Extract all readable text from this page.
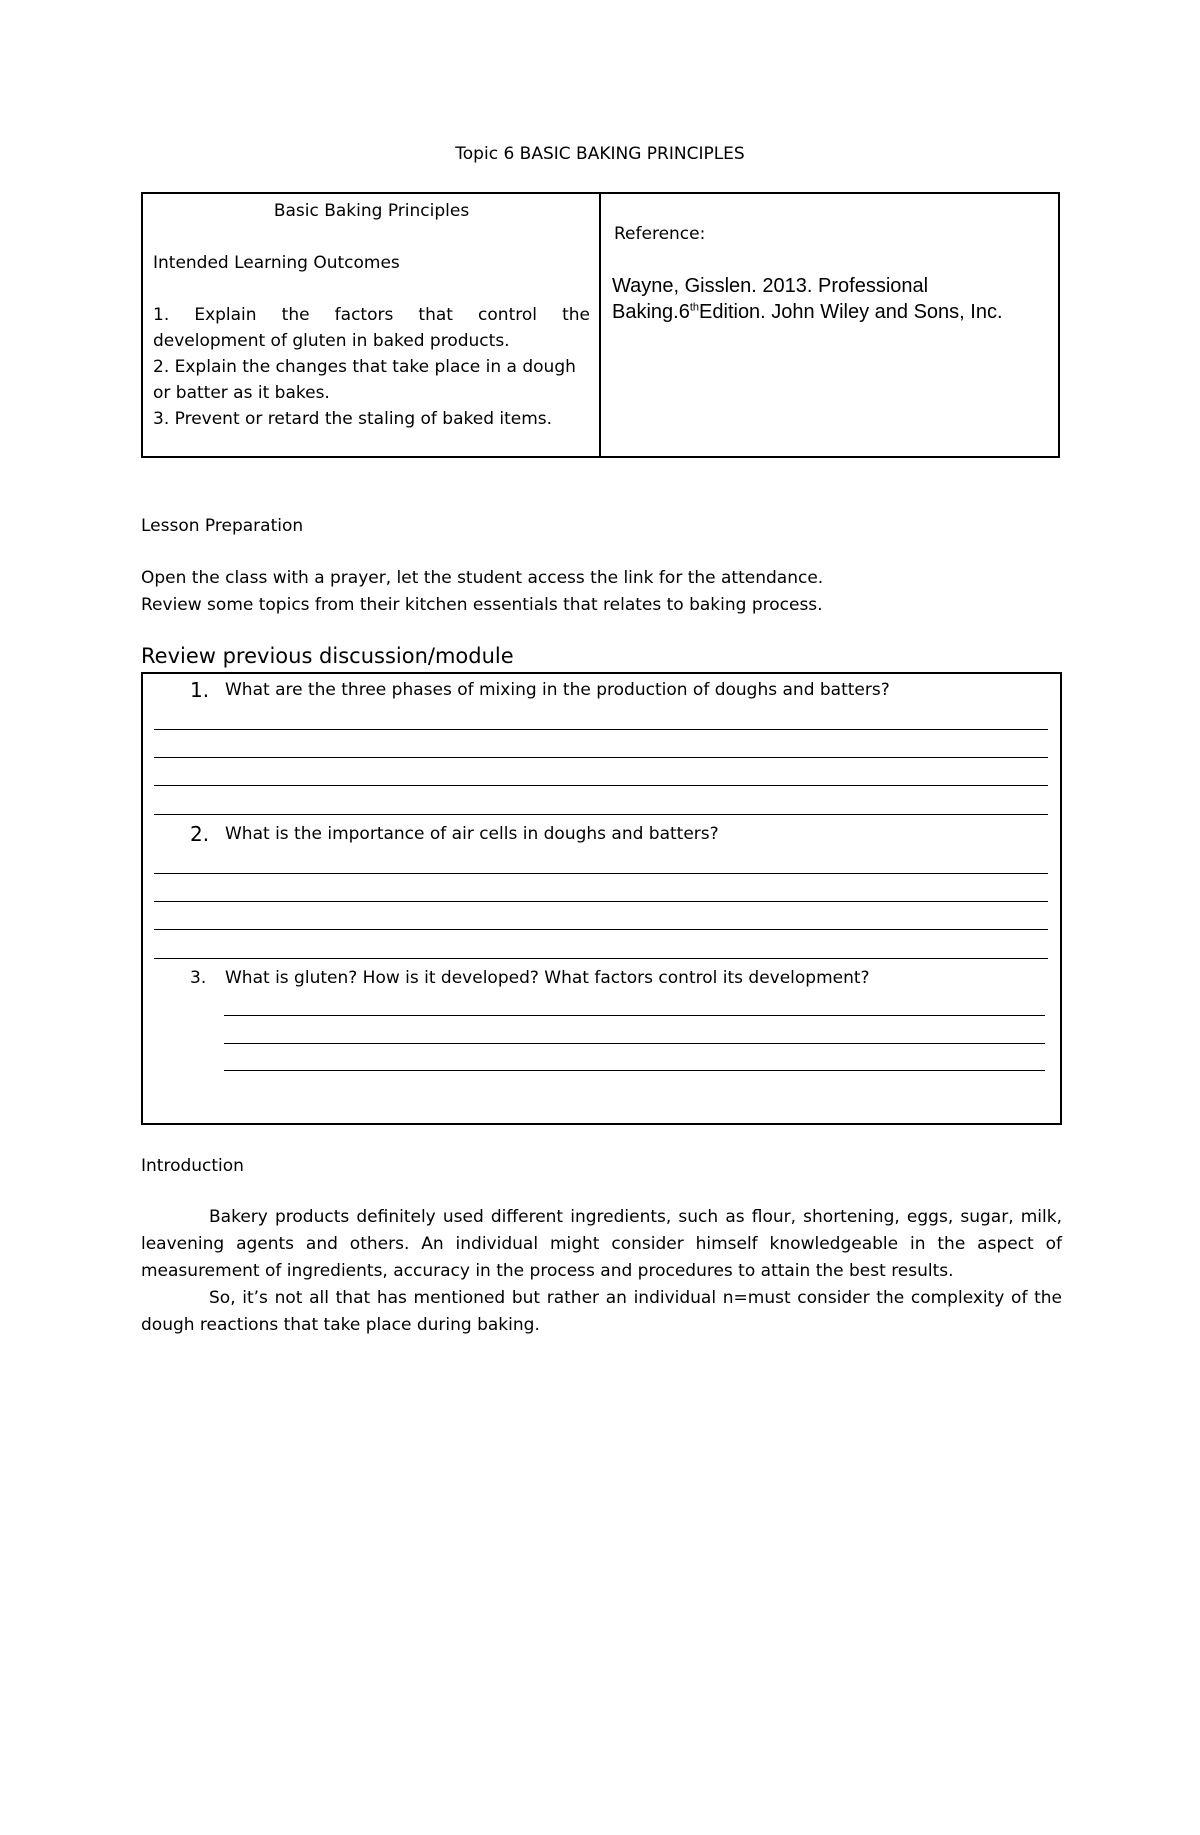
Topic 6 BASIC BAKING PRINCIPLES
Basic Baking Principles
Intended Learning Outcomes
1. Explain the factors that control the
development of gluten in baked products.
2. Explain the changes that take place in a dough
or batter as it bakes.
3. Prevent or retard the staling of baked items.
Reference:
Wayne, Gisslen. 2013. Professional
Baking.6thEdition. John Wiley and Sons, Inc.
Lesson Preparation
Open the class with a prayer, let the student access the link for the attendance.
Review some topics from their kitchen essentials that relates to baking process.
Review previous discussion/module
1. What are the three phases of mixing in the production of doughs and batters?
2. What is the importance of air cells in doughs and batters?
3. What is gluten? How is it developed? What factors control its development?
Introduction

Bakery products definitely used different ingredients, such as flour, shortening, eggs, sugar, milk, leavening agents and others. An individual might consider himself knowledgeable in the aspect of measurement of ingredients, accuracy in the process and procedures to attain the best results.

So, it’s not all that has mentioned but rather an individual n=must consider the complexity of the dough reactions that take place during baking.
